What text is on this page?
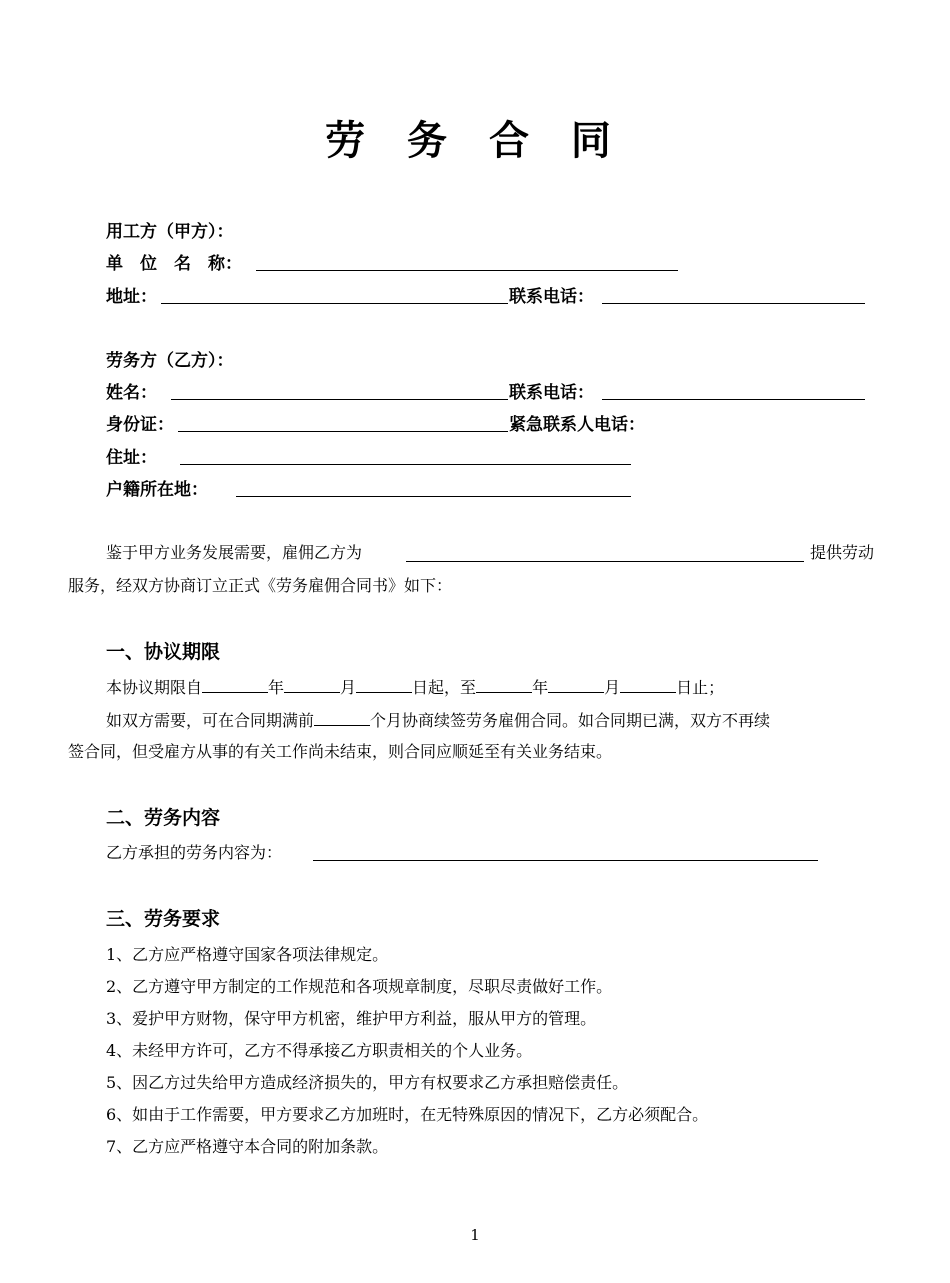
劳 务 合 同
用工方（甲方）：
单　位　名　称：
地址：	联系电话：
劳务方（乙方）：
姓名：	联系电话：
身份证：	紧急联系人电话：
住址：
户籍所在地：
鉴于甲方业务发展需要，雇佣乙方为	提供劳动
服务，经双方协商订立正式《劳务雇佣合同书》如下：
一、协议期限
本协议期限自	年	月	日起，至	年	月	日止；
如双方需要，可在合同期满前	个月协商续签劳务雇佣合同。如合同期已满，双方不再续
签合同，但受雇方从事的有关工作尚未结束，则合同应顺延至有关业务结束。
二、劳务内容
乙方承担的劳务内容为：
三、劳务要求
1、乙方应严格遵守国家各项法律规定。
2、乙方遵守甲方制定的工作规范和各项规章制度，尽职尽责做好工作。
3、爱护甲方财物，保守甲方机密，维护甲方利益，服从甲方的管理。
4、未经甲方许可，乙方不得承接乙方职责相关的个人业务。
5、因乙方过失给甲方造成经济损失的，甲方有权要求乙方承担赔偿责任。
6、如由于工作需要，甲方要求乙方加班时，在无特殊原因的情况下，乙方必须配合。
7、乙方应严格遵守本合同的附加条款。
1
